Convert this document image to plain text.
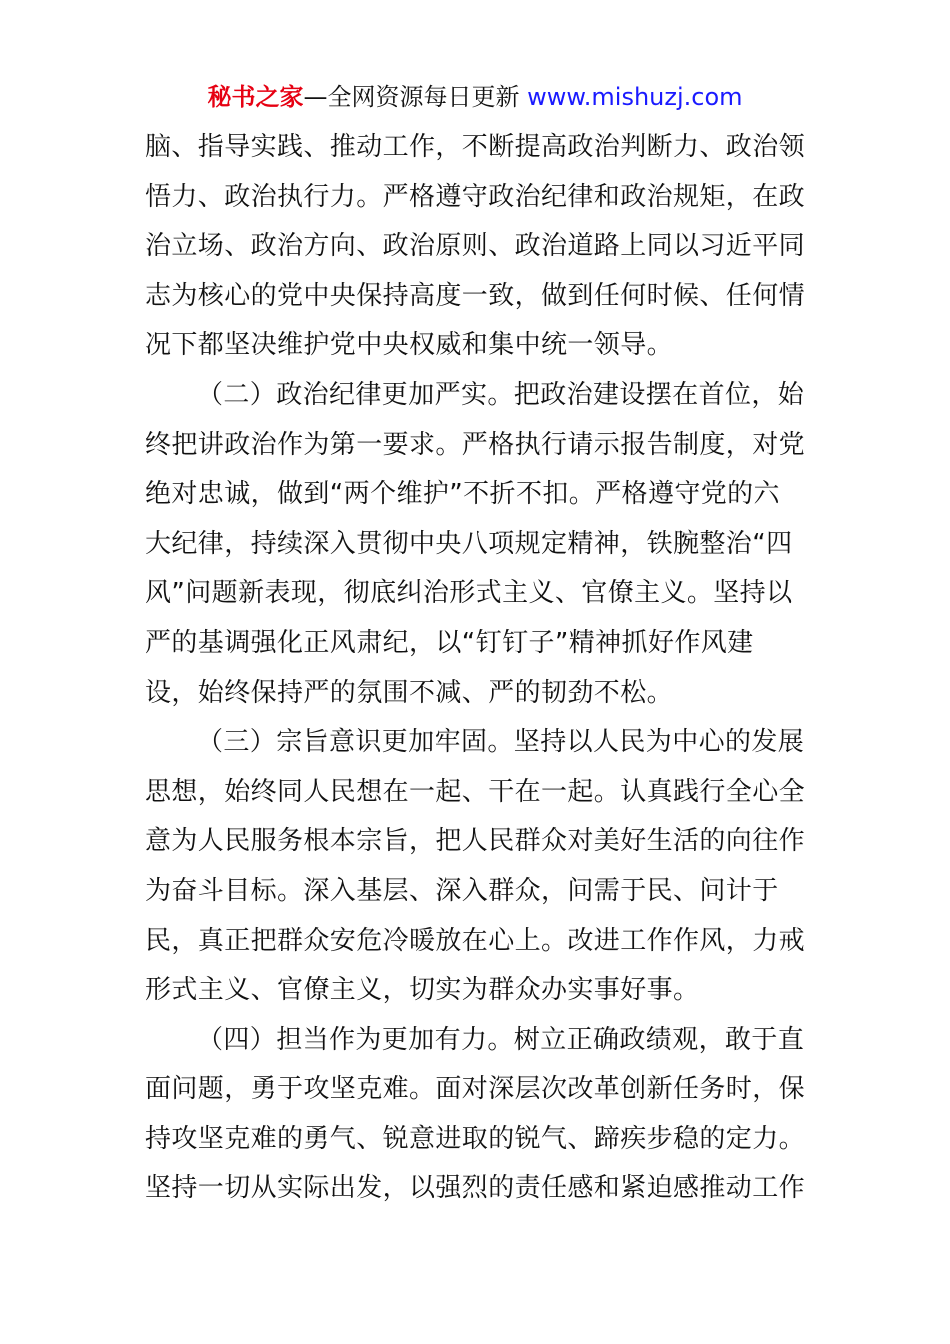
秘书之家—全网资源每日更新 www.mishuzj.com
脑、指导实践、推动工作，不断提高政治判断力、政治领
悟力、政治执行力。严格遵守政治纪律和政治规矩，在政
治立场、政治方向、政治原则、政治道路上同以习近平同
志为核心的党中央保持高度一致，做到任何时候、任何情
况下都坚决维护党中央权威和集中统一领导。
（二）政治纪律更加严实。把政治建设摆在首位，始
终把讲政治作为第一要求。严格执行请示报告制度，对党
绝对忠诚，做到“两个维护”不折不扣。严格遵守党的六
大纪律，持续深入贯彻中央八项规定精神，铁腕整治“四
风”问题新表现，彻底纠治形式主义、官僚主义。坚持以
严的基调强化正风肃纪，以“钉钉子”精神抓好作风建
设，始终保持严的氛围不减、严的韧劲不松。
（三）宗旨意识更加牢固。坚持以人民为中心的发展
思想，始终同人民想在一起、干在一起。认真践行全心全
意为人民服务根本宗旨，把人民群众对美好生活的向往作
为奋斗目标。深入基层、深入群众，问需于民、问计于
民，真正把群众安危冷暖放在心上。改进工作作风，力戒
形式主义、官僚主义，切实为群众办实事好事。
（四）担当作为更加有力。树立正确政绩观，敢于直
面问题，勇于攻坚克难。面对深层次改革创新任务时，保
持攻坚克难的勇气、锐意进取的锐气、蹄疾步稳的定力。
坚持一切从实际出发，以强烈的责任感和紧迫感推动工作
